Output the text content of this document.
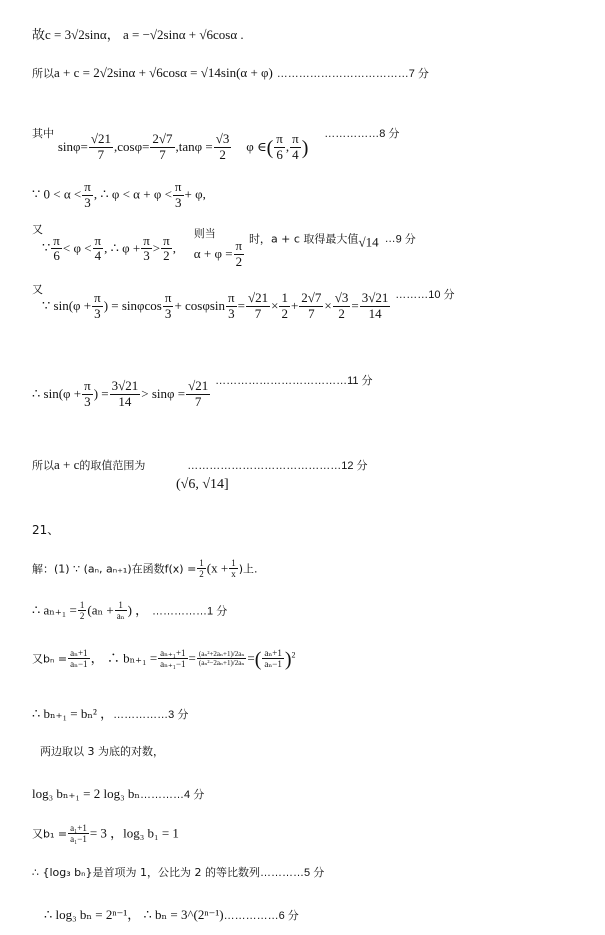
故c = 3√2sinα， a = −√2sinα + √6cosα .
所以a + c = 2√2sinα + √6cosα = √14sin(α + φ) ………………………………7 分
其中 $\sin\varphi= \frac{√21}{7} ,\cos\varphi= \frac{2√7}{7} ,\tan\varphi = \frac{√3}{2}$ φ ∈( $\frac{\pi}{6}$ , $\frac{\pi}{4}$ ) ……………8 分
∵ $0 < \alpha < \frac{\pi}{3}$ , ∴ $\varphi < \alpha + \varphi < \frac{\pi}{3} + \varphi$,
又
∵ $\frac{\pi}{6} < \varphi < \frac{\pi}{4}$ , ∴ $\varphi + \frac{\pi}{3} > \frac{\pi}{2}$ ,
则当
$\alpha + \varphi = \frac{\pi}{2}$
时，a + c 取得最大值√14 …9 分
又
∵ $\sin(\varphi + \frac{\pi}{3}$ ) = sinφcos $\frac{\pi}{3} + \cos\varphi\sin \frac{\pi}{3} = \frac{√21}{7} \times \frac{1}{2} + \frac{2√7}{7} \times \frac{√3}{2} = \frac{3√21}{14}$ ………10 分
∴ $\sin(\varphi + \frac{\pi}{3}$ ) = $\frac{3√21}{14} > \sin\varphi = \frac{√21}{7}$ ………………………………11 分
所以a + c的取值范围为	……………………………………12 分
(√6, √14]
21、
解：(1) ∵ (aₙ, aₙ₊₁)在函数$f(x) = \frac{1}{2} (x + \frac{1}{x}$ )上.
∴ $a_{n+1} = \frac{1}{2} (a_n + \frac{1}{\text{aₙ}}$ ) ， ……………1 分
又$b_n = \frac{\text{aₙ+1}}{\text{aₙ−1}}$ ， ∴ $b_{n+1} = \frac{\text{aₙ₊₁+1}}{\text{aₙ₊₁−1}} = \frac{\text{(aₙ²+2aₙ+1)/2aₙ}}{\text{(aₙ²−2aₙ+1)/2aₙ}}$ =( $\frac{\text{aₙ+1}}{\text{aₙ−1}} )^2$
∴ bₙ₊₁ = bₙ² ，……………3 分
两边取以 3 为底的对数，
log₃ bₙ₊₁ = 2 log₃ bₙ…………4 分
又$b_1 = \frac{\text{a₁+1}}{\text{a₁−1}} = 3$ ，log₃ b₁ = 1
∴ {log₃ bₙ}是首项为 1，公比为 2 的等比数列…………5 分
∴ log₃ bₙ = 2ⁿ⁻¹， ∴ bₙ = 3^(2ⁿ⁻¹)……………6 分
